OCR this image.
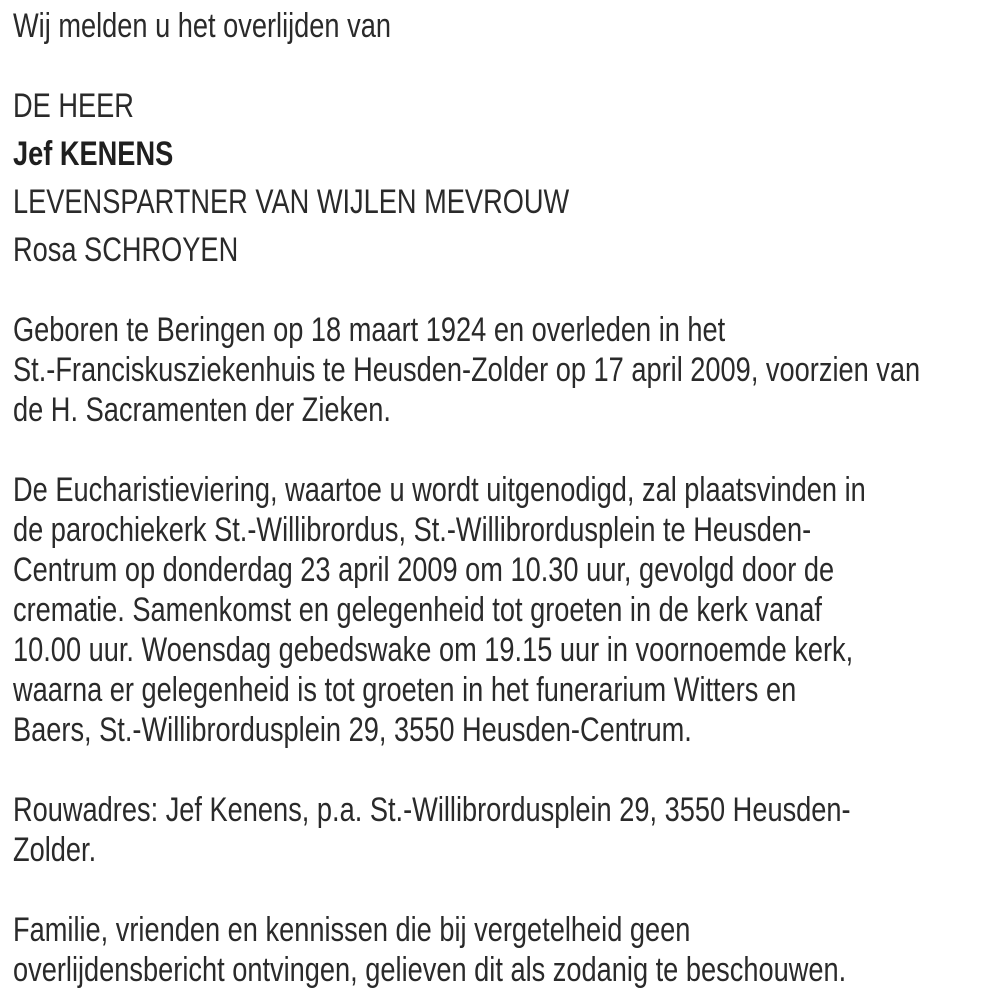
Wij melden u het overlijden van

DE HEER

Jef KENENS

LEVENSPARTNER VAN WIJLEN MEVROUW

Rosa SCHROYEN

Geboren te Beringen op 18 maart 1924 en overleden in het
St.-Franciskusziekenhuis te Heusden-Zolder op 17 april 2009, voorzien van
de H. Sacramenten der Zieken.

De Eucharistieviering, waartoe u wordt uitgenodigd, zal plaatsvinden in
de parochiekerk St.-Willibrordus, St.-Willibrordusplein te Heusden-
Centrum op donderdag 23 april 2009 om 10.30 uur, gevolgd door de
crematie. Samenkomst en gelegenheid tot groeten in de kerk vanaf
10.00 uur. Woensdag gebedswake om 19.15 uur in voornoemde kerk,
waarna er gelegenheid is tot groeten in het funerarium Witters en
Baers, St.-Willibrordusplein 29, 3550 Heusden-Centrum.

Rouwadres: Jef Kenens, p.a. St.-Willibrordusplein 29, 3550 Heusden-
Zolder.

Familie, vrienden en kennissen die bij vergetelheid geen
overlijdensbericht ontvingen, gelieven dit als zodanig te beschouwen.
